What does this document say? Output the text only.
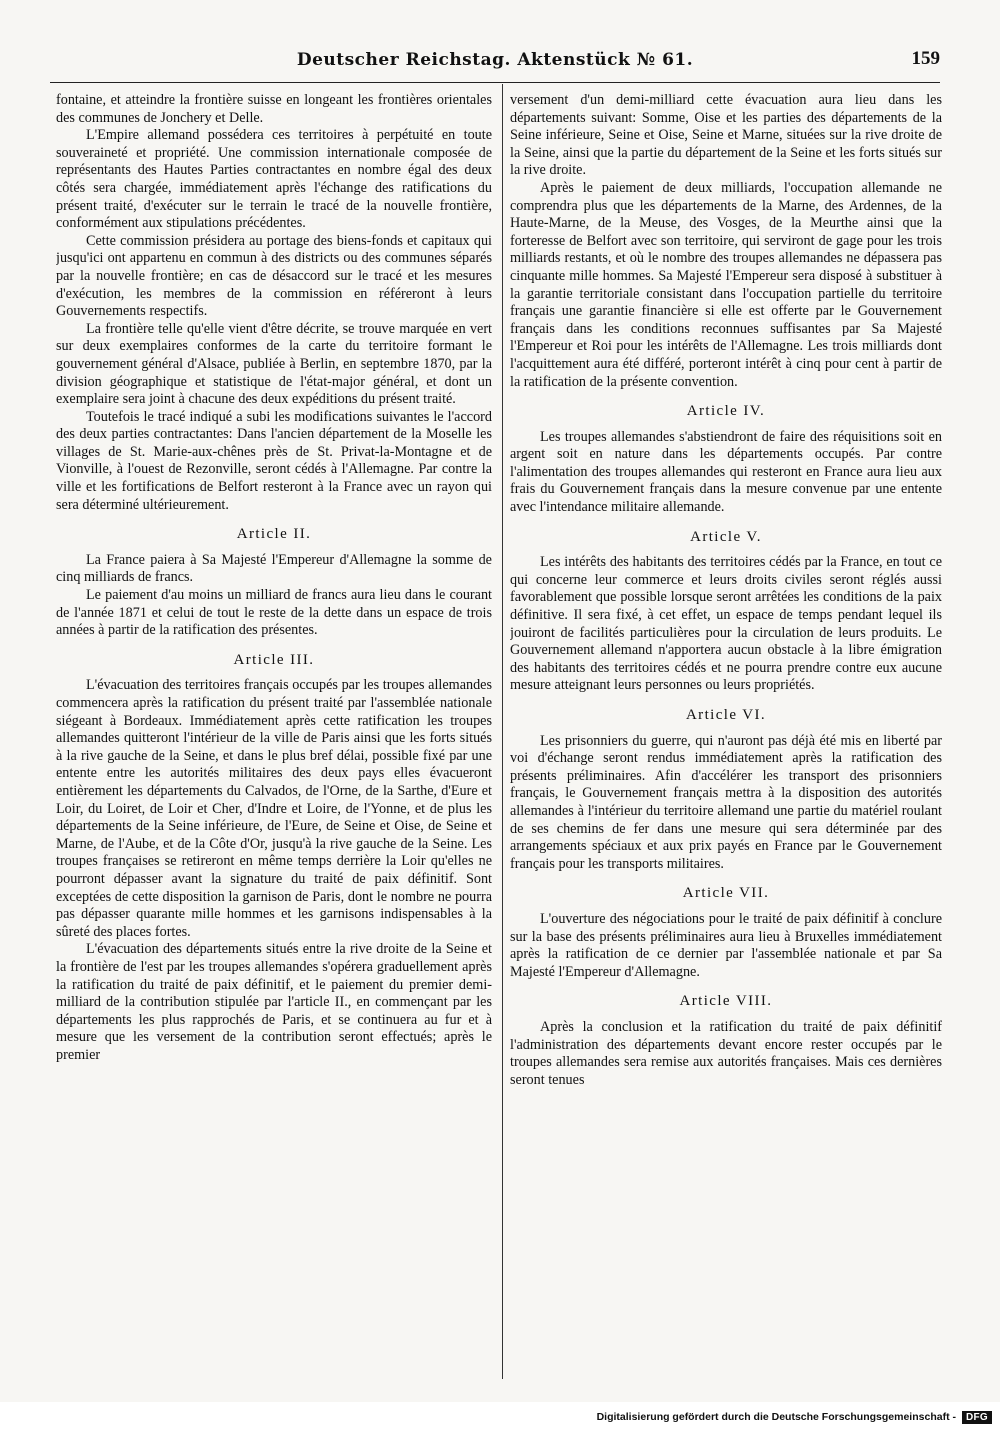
Deutscher Reichstag. Aktenstück № 61.	159

fontaine, et atteindre la frontière suisse en longeant les frontières orientales des communes de Jonchery et Delle.

L'Empire allemand possédera ces territoires à perpétuité en toute souveraineté et propriété. Une commission internationale composée de représentants des Hautes Parties contractantes en nombre égal des deux côtés sera chargée, immédiatement après l'échange des ratifications du présent traité, d'exécuter sur le terrain le tracé de la nouvelle frontière, conformément aux stipulations précédentes.

Cette commission présidera au portage des biens-fonds et capitaux qui jusqu'ici ont appartenu en commun à des districts ou des communes séparés par la nouvelle frontière; en cas de désaccord sur le tracé et les mesures d'exécution, les membres de la commission en référeront à leurs Gouvernements respectifs.

La frontière telle qu'elle vient d'être décrite, se trouve marquée en vert sur deux exemplaires conformes de la carte du territoire formant le gouvernement général d'Alsace, publiée à Berlin, en septembre 1870, par la division géographique et statistique de l'état-major général, et dont un exemplaire sera joint à chacune des deux expéditions du présent traité.

Toutefois le tracé indiqué a subi les modifications suivantes le l'accord des deux parties contractantes: Dans l'ancien département de la Moselle les villages de St. Marie-aux-chênes près de St. Privat-la-Montagne et de Vionville, à l'ouest de Rezonville, seront cédés à l'Allemagne. Par contre la ville et les fortifications de Belfort resteront à la France avec un rayon qui sera déterminé ultérieurement.

Article II.

La France paiera à Sa Majesté l'Empereur d'Allemagne la somme de cinq milliards de francs.

Le paiement d'au moins un milliard de francs aura lieu dans le courant de l'année 1871 et celui de tout le reste de la dette dans un espace de trois années à partir de la ratification des présentes.

Article III.

L'évacuation des territoires français occupés par les troupes allemandes commencera après la ratification du présent traité par l'assemblée nationale siégeant à Bordeaux. Immédiatement après cette ratification les troupes allemandes quitteront l'intérieur de la ville de Paris ainsi que les forts situés à la rive gauche de la Seine, et dans le plus bref délai, possible fixé par une entente entre les autorités militaires des deux pays elles évacueront entièrement les départements du Calvados, de l'Orne, de la Sarthe, d'Eure et Loir, du Loiret, de Loir et Cher, d'Indre et Loire, de l'Yonne, et de plus les départements de la Seine inférieure, de l'Eure, de Seine et Oise, de Seine et Marne, de l'Aube, et de la Côte d'Or, jusqu'à la rive gauche de la Seine. Les troupes françaises se retireront en même temps derrière la Loir qu'elles ne pourront dépasser avant la signature du traité de paix définitif. Sont exceptées de cette disposition la garnison de Paris, dont le nombre ne pourra pas dépasser quarante mille hommes et les garnisons indispensables à la sûreté des places fortes.

L'évacuation des départements situés entre la rive droite de la Seine et la frontière de l'est par les troupes allemandes s'opérera graduellement après la ratification du traité de paix définitif, et le paiement du premier demi-milliard de la contribution stipulée par l'article II., en commençant par les départements les plus rapprochés de Paris, et se continuera au fur et à mesure que les versement de la contribution seront effectués; après le premier

versement d'un demi-milliard cette évacuation aura lieu dans les départements suivant: Somme, Oise et les parties des départements de la Seine inférieure, Seine et Oise, Seine et Marne, situées sur la rive droite de la Seine, ainsi que la partie du département de la Seine et les forts situés sur la rive droite.

Après le paiement de deux milliards, l'occupation allemande ne comprendra plus que les départements de la Marne, des Ardennes, de la Haute-Marne, de la Meuse, des Vosges, de la Meurthe ainsi que la forteresse de Belfort avec son territoire, qui serviront de gage pour les trois milliards restants, et où le nombre des troupes allemandes ne dépassera pas cinquante mille hommes. Sa Majesté l'Empereur sera disposé à substituer à la garantie territoriale consistant dans l'occupation partielle du territoire français une garantie financière si elle est offerte par le Gouvernement français dans les conditions reconnues suffisantes par Sa Majesté l'Empereur et Roi pour les intérêts de l'Allemagne. Les trois milliards dont l'acquittement aura été différé, porteront intérêt à cinq pour cent à partir de la ratification de la présente convention.

Article IV.

Les troupes allemandes s'abstiendront de faire des réquisitions soit en argent soit en nature dans les départements occupés. Par contre l'alimentation des troupes allemandes qui resteront en France aura lieu aux frais du Gouvernement français dans la mesure convenue par une entente avec l'intendance militaire allemande.

Article V.

Les intérêts des habitants des territoires cédés par la France, en tout ce qui concerne leur commerce et leurs droits civiles seront réglés aussi favorablement que possible lorsque seront arrêtées les conditions de la paix définitive. Il sera fixé, à cet effet, un espace de temps pendant lequel ils jouiront de facilités particulières pour la circulation de leurs produits. Le Gouvernement allemand n'apportera aucun obstacle à la libre émigration des habitants des territoires cédés et ne pourra prendre contre eux aucune mesure atteignant leurs personnes ou leurs propriétés.

Article VI.

Les prisonniers du guerre, qui n'auront pas déjà été mis en liberté par voi d'échange seront rendus immédiatement après la ratification des présents préliminaires. Afin d'accélérer les transport des prisonniers français, le Gouvernement français mettra à la disposition des autorités allemandes à l'intérieur du territoire allemand une partie du matériel roulant de ses chemins de fer dans une mesure qui sera déterminée par des arrangements spéciaux et aux prix payés en France par le Gouvernement français pour les transports militaires.

Article VII.

L'ouverture des négociations pour le traité de paix définitif à conclure sur la base des présents préliminaires aura lieu à Bruxelles immédiatement après la ratification de ce dernier par l'assemblée nationale et par Sa Majesté l'Empereur d'Allemagne.

Article VIII.

Après la conclusion et la ratification du traité de paix définitif l'administration des départements devant encore rester occupés par le troupes allemandes sera remise aux autorités françaises. Mais ces dernières seront tenues

Digitalisierung gefördert durch die Deutsche Forschungsgemeinschaft -	DFG
